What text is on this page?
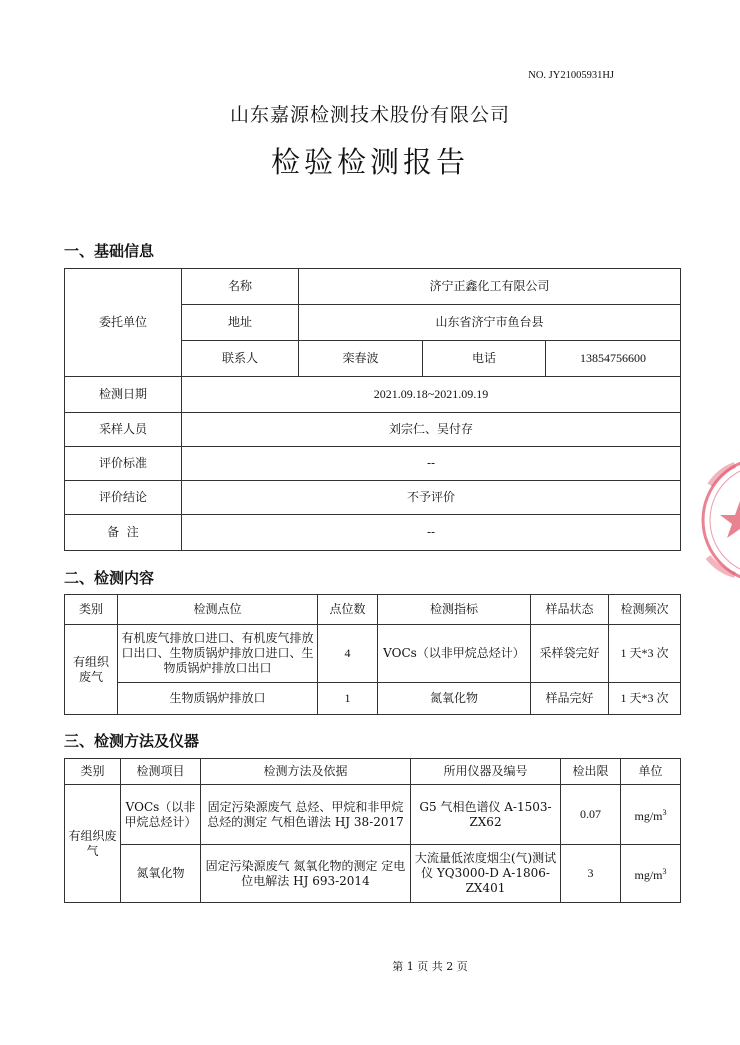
NO. JY21005931HJ
山东嘉源检测技术股份有限公司
检验检测报告
一、基础信息
委托单位	名称	济宁正鑫化工有限公司		
	地址	山东省济宁市鱼台县		
	联系人	栾春波	电话	13854756600
检测日期	2021.09.18~2021.09.19			
采样人员	刘宗仁、吴付存			
评价标准	--			
评价结论	不予评价			
备  注	--			
二、检测内容
类别	检测点位	点位数	检测指标	样品状态	检测频次
有组织废气	有机废气排放口进口、有机废气排放口出口、生物质锅炉排放口进口、生物质锅炉排放口出口	4	VOCs（以非甲烷总烃计）	采样袋完好	1 天*3 次
	生物质锅炉排放口	1	氮氧化物	样品完好	1 天*3 次
三、检测方法及仪器
类别	检测项目	检测方法及依据	所用仪器及编号	检出限	单位
有组织废气	VOCs（以非甲烷总烃计）	固定污染源废气 总烃、甲烷和非甲烷总烃的测定 气相色谱法 HJ 38-2017	G5 气相色谱仪 A-1503-ZX62	0.07	$mg/m^3$
	氮氧化物	固定污染源废气 氮氧化物的测定 定电位电解法 HJ 693-2014	大流量低浓度烟尘(气)测试仪 YQ3000-D A-1806-ZX401	3	$mg/m^3$
第 1 页 共 2 页
